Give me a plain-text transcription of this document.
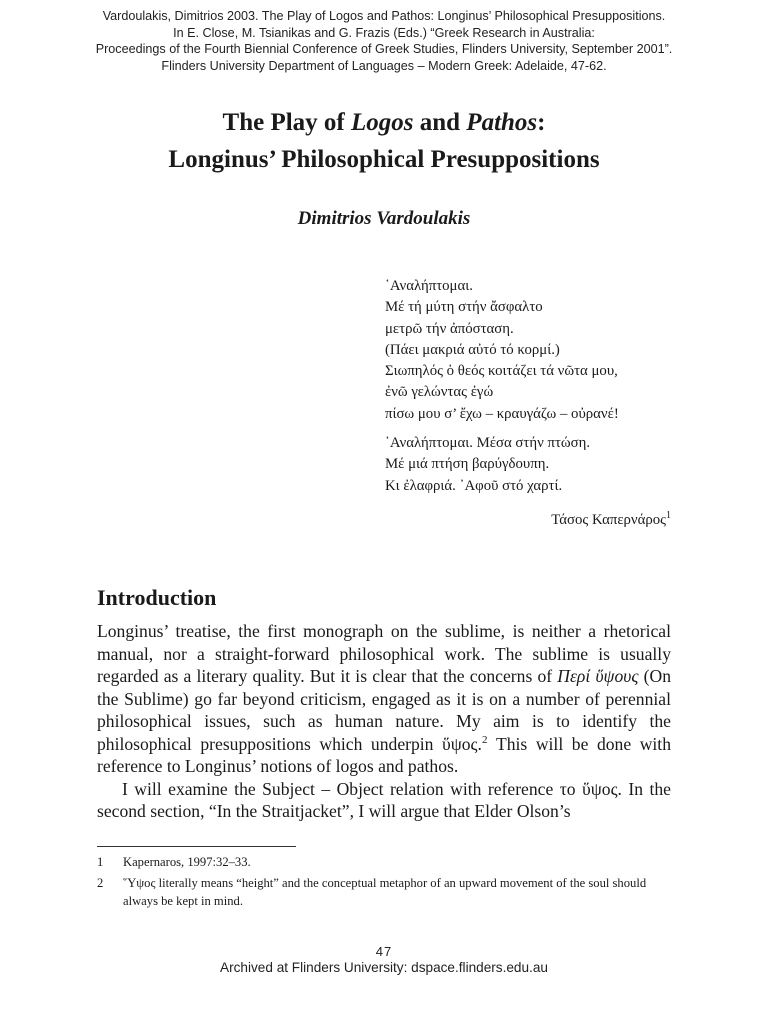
Vardoulakis, Dimitrios 2003. The Play of Logos and Pathos: Longinus’ Philosophical Presuppositions.
In E. Close, M. Tsianikas and G. Frazis (Eds.) “Greek Research in Australia:
Proceedings of the Fourth Biennial Conference of Greek Studies, Flinders University, September 2001”.
Flinders University Department of Languages – Modern Greek: Adelaide, 47-62.
The Play of Logos and Pathos:
Longinus’ Philosophical Presuppositions
Dimitrios Vardoulakis
῾Αναλήπτομαι.
Μέ τή μύτη στήν ἄσφαλτο
μετρῶ τήν ἀπόσταση.
(Πάει μακριά αὐτό τό κορμί.)
Σιωπηλός ὁ θεός κοιτάζει τά νῶτα μου,
ἐνῶ γελώντας ἐγώ
πίσω μου σ’ ἔχω – κραυγάζω – οὐρανέ!
῾Αναλήπτομαι. Μέσα στήν πτώση.
Μέ μιά πτήση βαρύγδουπη.
Κι ἐλαφριά. ᾿Αφοῦ στό χαρτί.
Τάσος Καπερνάρος$^1$
Introduction

Longinus’ treatise, the first monograph on the sublime, is neither a rhetorical manual, nor a straight-forward philosophical work. The sublime is usually regarded as a literary quality. But it is clear that the concerns of Περί ὕψους (On the Sublime) go far beyond criticism, engaged as it is on a number of perennial philosophical issues, such as human nature. My aim is to identify the philosophical presuppositions which underpin ὕψος.$^2$ This will be done with reference to Longinus’ notions of logos and pathos.

I will examine the Subject – Object relation with reference το ὕψος. In the second section, “In the Straitjacket”, I will argue that Elder Olson’s

1	Kapernaros, 1997:32–33.
2	῞Υψος literally means “height” and the conceptual metaphor of an upward movement of the soul should always be kept in mind.
47
Archived at Flinders University: dspace.flinders.edu.au
